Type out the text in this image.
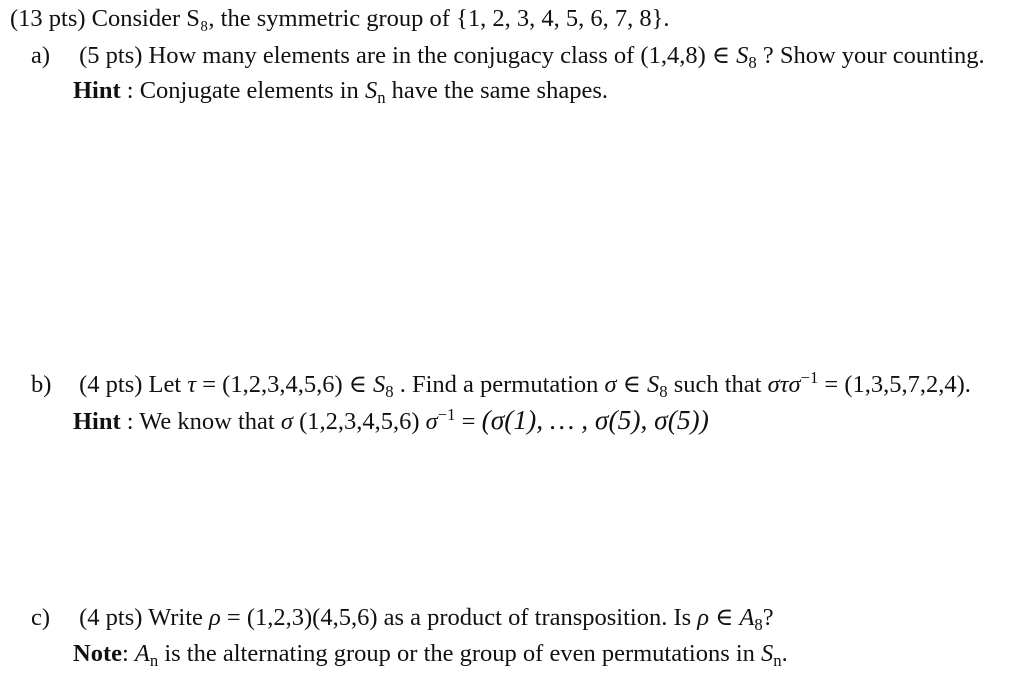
(13 pts) Consider S₈, the symmetric group of {1, 2, 3, 4, 5, 6, 7, 8}.
a) (5 pts) How many elements are in the conjugacy class of (1,4,8) ∈ S8 ? Show your counting.
Hint : Conjugate elements in Sn have the same shapes.
b) (4 pts) Let τ = (1,2,3,4,5,6) ∈ S8 . Find a permutation σ ∈ S8 such that στσ$^{-1}$ = (1,3,5,7,2,4).
Hint : We know that σ (1,2,3,4,5,6) $\sigma^{-1} = (\sigma(1)$, … , σ(5), σ(5))
c) (4 pts) Write ρ = (1,2,3)(4,5,6) as a product of transposition. Is ρ ∈ A8?
Note: An is the alternating group or the group of even permutations in Sn.
